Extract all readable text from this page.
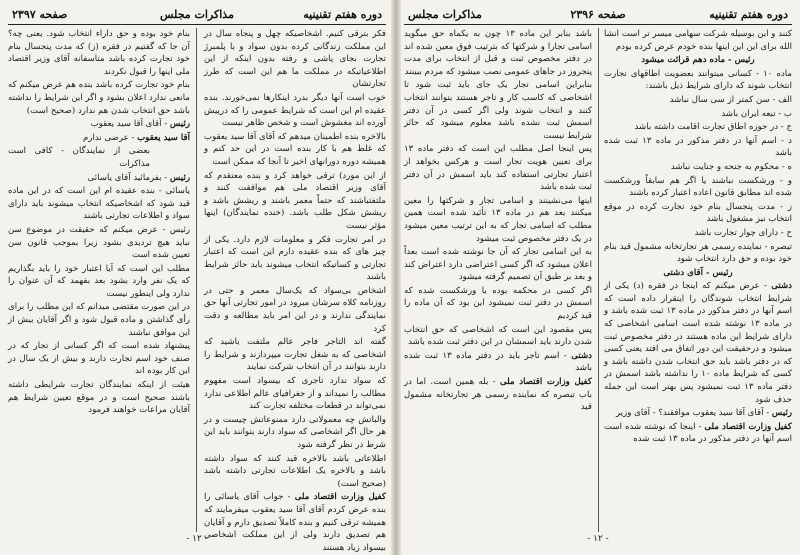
صفحه ۲۳۹۷	مذاکرات مجلس	دوره هفتم تقنینیه

فکر بترقی کنیم. اشخاصیکه چهل و پنجاه سال در این مملکت زندگانی کرده بدون سواد و با پلمبرژ تجارت بجای پاشی و رفته بدون اینکه از این اطلاعیاتیکه در مملکت ما هم این است که طرز تجارتشان

خوب است آنها دیگر بدرد اینکارها نمی‌خورند. بنده عقیده ام این است که شرایط عمومی را که درپیش آورده اند مغشوش است و شخص ظاهر نیست

بالاخره بنده اطمینان میدهم که آقای آقا سید یعقوب که غلط هم با کار بنده است در این حد کنم و همیشه دوره دورانهای اخیر تا آنجا که ممکن است

از این مورد) ترقی خواهد کرد و بنده معتقدم که آقای وزیر اقتصاد ملی هم موافقت کنند و ملتفتباشند که حتماً معمر باشند و ریشش باشد و ریشش شکل طلب باشد. (خنده نمایندگان) اینها مؤثر نیست

در امر تجارت فکر و معلومات لازم دارد. یکی از چیز های که بنده عقیده دارم این است که اعتبار تجارتی و کسانیکه انتخاب میشوند باید حائز شرایط باشند

اشخاص بی‌سواد که یک‌سال معمر و حتی در روزنامه کلاه سرشان میرود در امور تجارتی آنها حق نمایندگی ندارند و در این امر باید مطالعه و دقت کرد

گفته اند التاجر فاجر عالم ملتفت باشید که اشخاصی که به شغل تجارت میپردازند و شرایط را دارند بتوانند در آن انتخاب شرکت نمایند

که سواد ندارد تاجری که بیسواد است مفهوم مطالب را نمیداند و از جغرافیای عالم اطلاعی ندارد نمی‌تواند در قطعات مختلفه تجارت کند

والباتش چه معمولاتی دارد ممنوعاتش چیست و در هر حال اگر اشخاصی که سواد دارند بتوانند باید این شرط در نظر گرفته شود

اطلاعاتی باشد بالاخره قید کنند که سواد داشته باشد و بالاخره یک اطلاعات تجارتی داشته باشد (صحیح است)

کفیل وزارت اقتصاد ملی - جواب آقای یاسائی را بنده عرض کردم آقای آقا سید یعقوب میفرمایند که همیشه ترقی کنیم و بنده کاملاً تصدیق دارم و آقایان هم تصدیق دارند ولی از این مملکت اشخاصی بیسواد زیاد هستند

بنام خود بوده و حق داراء انتخاب شود. یعنی چه؟ آن جا که گفتیم در فقره (ز) که مدت پنجسال بنام خود تجارت کرده باشد متاسفانه آقای وزیر اقتصاد ملی اینها را قبول نکردند

بنام خود تجارت کرده باشد بنده هم عرض میکنم که مانعی ندارد اعلان بشود و اگر این شرایط را نداشته باشد حق انتخاب شدن هم ندارد (صحیح است)

رئیس - آقای آقا سید یعقوب

آقا سید یعقوب - عرضی ندارم

بعضی از نمایندگان - کافی است مذاکرات

رئیس - بفرمائید آقای یاسائی

یاسائی - بنده عقیده ام این است که در این ماده قید شود که اشخاصیکه انتخاب میشوند باید دارای سواد و اطلاعات تجارتی باشند

رئیس - عرض میکنم که حقیقت در موضوع سن نباید هیچ تردیدی بشود زیرا بموجب قانون سن تعیین شده است

مطلب این است که آیا اعتبار خود را باید بگذاریم که یک نفر وارد بشود بعد بفهمد که آن عنوان را ندارد ولی اینطور نیست

در این صورت مقتضی میدانم که این مطلب را برای رأی گذاشتن و ماده قبول شود و اگر آقایان بیش از این موافق نباشند

پیشنهاد شده است که اگر کسانی از تجار که در صنف خود اسم تجارت دارند و بیش از یک سال در این کار بوده اند

هیئت از اینکه نمایندگان تجارت شرایطی داشته باشند صحیح است و در موقع تعیین شرایط هم آقایان مراعات خواهند فرمود

- ۱۲ -
مذاکرات مجلس	صفحه ۲۳۹۶	دوره هفتم تقنینیه

کنند و این بوسیله شرکت سهامی میسر تر است انشا الله برای این این اینها بنده خودم عرض کرده بودم

رئیس - ماده دهم قرائت میشود

ماده ۱۰ - کسانی میتوانند بعضویت اطاقهای تجارت انتخاب شوند که دارای شرایط ذیل باشند:

الف - سن کمتر از سی سال نباشد

ب - تبعه ایران باشد

ج - در حوزه اطاق تجارت اقامت داشته باشد

د - اسم آنها در دفتر مذکور در ماده ۱۳ ثبت شده باشد

ه - محکوم به جنحه و جنایت نباشد

و - ورشکست نباشند یا اگر هم سابقاً ورشکست شده اند مطابق قانون اعاده اعتبار کرده باشند

ز - مدت پنجسال بنام خود تجارت کرده در موقع انتخاب نیز مشغول باشد

ح - دارای چوار تجارت باشد

تبصره - نماینده رسمی هر تجارتخانه مشمول قید بنام خود بوده و حق دارد انتخاب شود

رئیس - آقای دشتی

دشتی - عرض میکنم که اینجا در فقره (د) یکی از شرایط انتخاب شوندگان را اینقرار داده است که اسم آنها در دفتر مذکور در ماده ۱۳ ثبت شده باشد و در ماده ۱۳ نوشته شده است اسامی اشخاصی که دارای شرایط این ماده هستند در دفتر مخصوص ثبت میشود و درحقیقت این دور اتفاق می افتد یعنی کسی که در دفتر باشد باید حق انتخاب شدن داشته باشد و کسی که شرایط ماده ۱۰ را نداشته باشد اسمش در دفتر ماده ۱۳ ثبت نمیشود پس بهتر است این جمله حذف شود

رئیس - آقای آقا سید یعقوب موافقند؟ - آقای وزیر

کفیل وزارت اقتصاد ملی - اینجا که نوشته شده است اسم آنها در دفتر مذکور در ماده ۱۳ ثبت شده

باشد بنابر این ماده ۱۳ چون به یکماه حق میگوید اسامی تجارا و شرکتها که بترتیب فوق معین شده اند در دفتر مخصوص ثبت و قبل از انتخاب برای مدت پنجروز در جاهای عمومی نصب میشود که مردم ببینند

بنابراین اسامی تجار یک جای باید ثبت شود تا اشخاصی که کاسب کار و تاجر هستند بتوانند انتخاب کنند و انتخاب شوند ولی اگر کسی در آن دفتر اسمش ثبت نشده باشد معلوم میشود که حائز شرایط نیست

پس اینجا اصل مطلب این است که دفتر ماده ۱۳ برای تعیین هویت تجار است و هرکس بخواهد از اعتبار تجارتی استفاده کند باید اسمش در آن دفتر ثبت شده باشد

اینها می‌نشینند و اسامی تجار و شرکتها را معین میکنند بعد هم در ماده ۱۳ تأئید شده است همین مطلب که اسامی تجار که به این ترتیب معین میشود در یک دفتر مخصوص ثبت میشود

به این اسامی تجار که آن جا نوشته شده است بعداً اعلان میشود که اگر کسی اعتراضی دارد اعتراض کند و بعد بر طبق آن تصمیم گرفته میشود

اگر کسی در محکمه بوده یا ورشکست شده که اسمش در دفتر ثبت نمیشود این بود که آن ماده را قید کردیم

پس مقصود این است که اشخاصی که حق انتخاب شدن دارند باید اسمشان در این دفتر ثبت شده باشد

دشتی - اسم تاجر باید در دفتر ماده ۱۳ ثبت شده باشد

کفیل وزارت اقتصاد ملی - بله همین است. اما در باب تبصره که نماینده رسمی هر تجارتخانه مشمول قید

- ۱۲ -
